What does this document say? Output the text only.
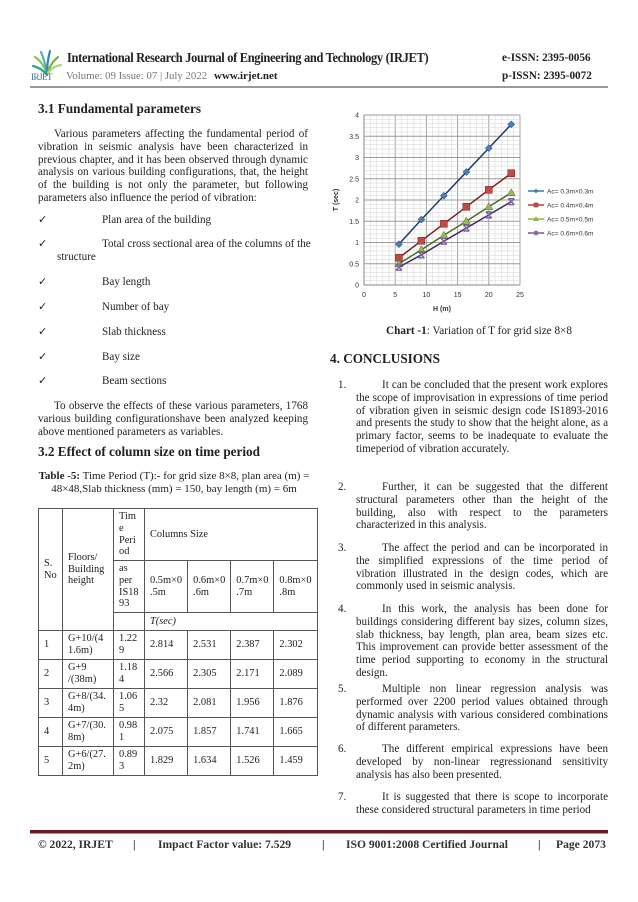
IRJET
International Research Journal of Engineering and Technology (IRJET)	e-ISSN: 2395-0056
Volume: 09 Issue: 07 | July 2022 www.irjet.net	p-ISSN: 2395-0072
3.1 Fundamental parameters
Various parameters affecting the fundamental period of vibration in seismic analysis have been characterized in previous chapter, and it has been observed through dynamic analysis on various building configurations, that, the height of the building is not only the parameter, but following parameters also influence the period of vibration:
✓	Plan area of the building
✓	Total cross sectional area of the columns of the
structure
✓	Bay length
✓	Number of bay
✓	Slab thickness
✓	Bay size
✓	Beam sections
To observe the effects of these various parameters, 1768 various building configurationshave been analyzed keeping above mentioned parameters as variables.
3.2 Effect of column size on time period
Table -5: Time Period (T):- for grid size 8×8, plan area (m) = 48×48,Slab thickness (mm) = 150, bay length (m) = 6m
S. No	Floors/ Building height	Tim e Peri od	Columns Size			
		as per IS18 93	0.5m×0 .5m	0.6m×0 .6m	0.7m×0 .7m	0.8m×0 .8m
			T(sec)			
1	G+10/(4 1.6m)	1.22 9	2.814	2.531	2.387	2.302
2	G+9 /(38m)	1.18 4	2.566	2.305	2.171	2.089
3	G+8/(34. 4m)	1.06 5	2.32	2.081	1.956	1.876
4	G+7/(30. 8m)	0.98 1	2.075	1.857	1.741	1.665
5	G+6/(27. 2m)	0.89 3	1.829	1.634	1.526	1.459
0	5	10	15	20	25
0
0.5
1
1.5
2
2.5
3
3.5
4
H (m)
T (sec)	Ac= 0.3m×0.3m
Ac= 0.4m×0.4m
Ac= 0.5m×0.5m
Ac= 0.6m×0.6m
Chart -1: Variation of T for grid size 8×8
4. CONCLUSIONS
1.	It can be concluded that the present work explores the scope of improvisation in expressions of time period of vibration given in seismic design code IS1893-2016 and presents the study to show that the height alone, as a primary factor, seems to be inadequate to evaluate the timeperiod of vibration accurately.
2.	Further, it can be suggested that the different structural parameters other than the height of the building, also with respect to the parameters characterized in this analysis.
3.	The affect the period and can be incorporated in the simplified expressions of the time period of vibration illustrated in the design codes, which are commonly used in seismic analysis.
4.	In this work, the analysis has been done for buildings considering different bay sizes, column sizes, slab thickness, bay length, plan area, beam sizes etc. This improvement can provide better assessment of the time period supporting to economy in the structural design.
5.	Multiple non linear regression analysis was performed over 2200 period values obtained through dynamic analysis with various considered combinations of different parameters.
6.	The different empirical expressions have been developed by non-linear regressionand sensitivity analysis has also been presented.
7.	It is suggested that there is scope to incorporate these considered structural parameters in time period
© 2022, IRJET | Impact Factor value: 7.529	| ISO 9001:2008 Certified Journal	| Page 2073
